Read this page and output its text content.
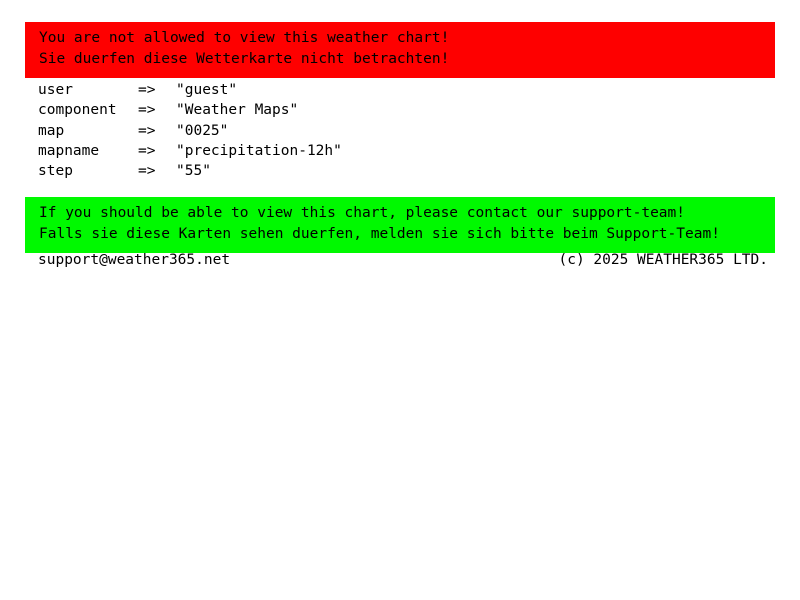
You are not allowed to view this weather chart!
Sie duerfen diese Wetterkarte nicht betrachten!
user	=>	"guest"
component	=>	"Weather Maps"
map	=>	"0025"
mapname	=>	"precipitation-12h"
step	=>	"55"
If you should be able to view this chart, please contact our support-team!
Falls sie diese Karten sehen duerfen, melden sie sich bitte beim Support-Team!
support@weather365.net	(c) 2025 WEATHER365 LTD.
